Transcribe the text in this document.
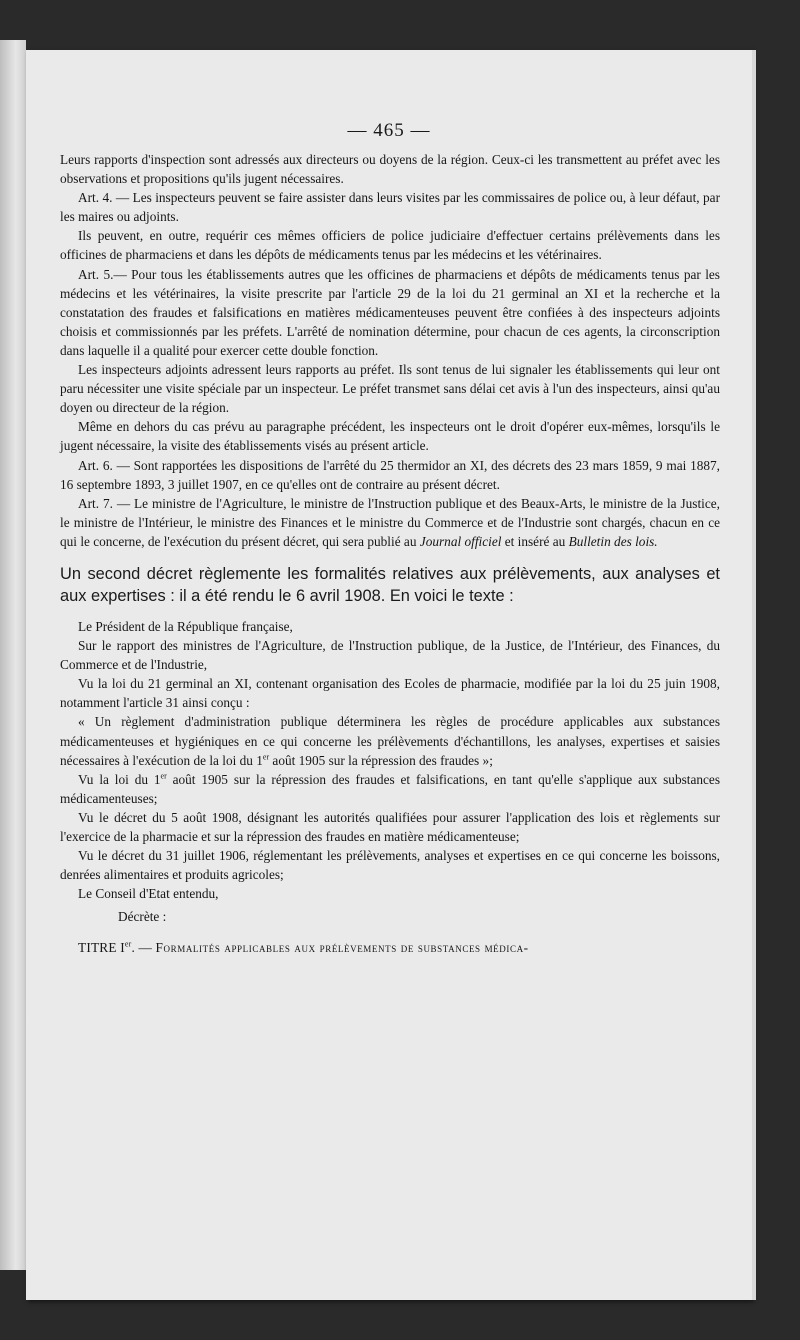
— 465 —

Leurs rapports d'inspection sont adressés aux directeurs ou doyens de la région. Ceux-ci les transmettent au préfet avec les observations et propositions qu'ils jugent nécessaires.

Art. 4. — Les inspecteurs peuvent se faire assister dans leurs visites par les commissaires de police ou, à leur défaut, par les maires ou adjoints.

Ils peuvent, en outre, requérir ces mêmes officiers de police judiciaire d'effectuer certains prélèvements dans les officines de pharmaciens et dans les dépôts de médicaments tenus par les médecins et les vétérinaires.

Art. 5.— Pour tous les établissements autres que les officines de pharmaciens et dépôts de médicaments tenus par les médecins et les vétérinaires, la visite prescrite par l'article 29 de la loi du 21 germinal an XI et la recherche et la constatation des fraudes et falsifications en matières médicamenteuses peuvent être confiées à des inspecteurs adjoints choisis et commissionnés par les préfets. L'arrêté de nomination détermine, pour chacun de ces agents, la circonscription dans laquelle il a qualité pour exercer cette double fonction.

Les inspecteurs adjoints adressent leurs rapports au préfet. Ils sont tenus de lui signaler les établissements qui leur ont paru nécessiter une visite spéciale par un inspecteur. Le préfet transmet sans délai cet avis à l'un des inspecteurs, ainsi qu'au doyen ou directeur de la région.

Même en dehors du cas prévu au paragraphe précédent, les inspecteurs ont le droit d'opérer eux-mêmes, lorsqu'ils le jugent nécessaire, la visite des établissements visés au présent article.

Art. 6. — Sont rapportées les dispositions de l'arrêté du 25 thermidor an XI, des décrets des 23 mars 1859, 9 mai 1887, 16 septembre 1893, 3 juillet 1907, en ce qu'elles ont de contraire au présent décret.

Art. 7. — Le ministre de l'Agriculture, le ministre de l'Instruction publique et des Beaux-Arts, le ministre de la Justice, le ministre de l'Intérieur, le ministre des Finances et le ministre du Commerce et de l'Industrie sont chargés, chacun en ce qui le concerne, de l'exécution du présent décret, qui sera publié au Journal officiel et inséré au Bulletin des lois.

Un second décret règlemente les formalités relatives aux prélèvements, aux analyses et aux expertises : il a été rendu le 6 avril 1908. En voici le texte :

Le Président de la République française,

Sur le rapport des ministres de l'Agriculture, de l'Instruction publique, de la Justice, de l'Intérieur, des Finances, du Commerce et de l'Industrie,

Vu la loi du 21 germinal an XI, contenant organisation des Ecoles de pharmacie, modifiée par la loi du 25 juin 1908, notamment l'article 31 ainsi conçu :

« Un règlement d'administration publique déterminera les règles de procédure applicables aux substances médicamenteuses et hygiéniques en ce qui concerne les prélèvements d'échantillons, les analyses, expertises et saisies nécessaires à l'exécution de la loi du 1er août 1905 sur la répression des fraudes »;

Vu la loi du 1er août 1905 sur la répression des fraudes et falsifications, en tant qu'elle s'applique aux substances médicamenteuses;

Vu le décret du 5 août 1908, désignant les autorités qualifiées pour assurer l'application des lois et règlements sur l'exercice de la pharmacie et sur la répression des fraudes en matière médicamenteuse;

Vu le décret du 31 juillet 1906, réglementant les prélèvements, analyses et expertises en ce qui concerne les boissons, denrées alimentaires et produits agricoles;

Le Conseil d'Etat entendu,

Décrète :

TITRE Ier. — Formalités applicables aux prélèvements de substances médica-
